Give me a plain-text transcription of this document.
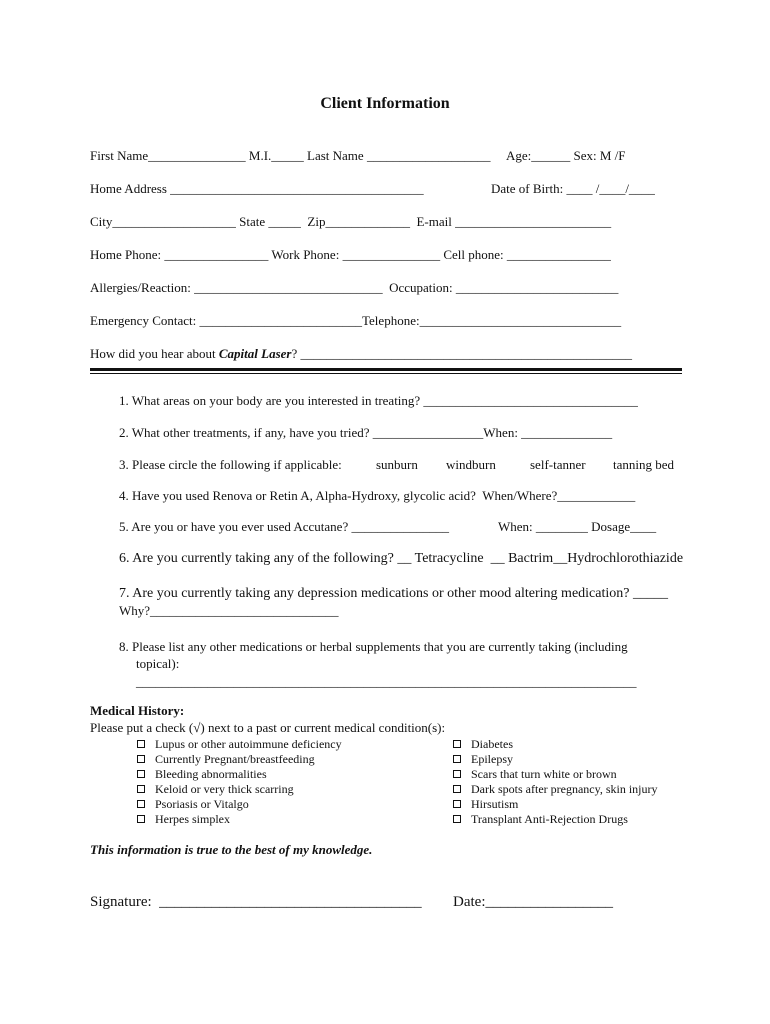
Client Information
First Name_______________ M.I._____ Last Name ___________________     Age:______ Sex: M /F
Home Address _______________________________________	Date of Birth: ____ /____/____
City___________________ State _____  Zip_____________  E-mail ________________________
Home Phone: ________________ Work Phone: _______________ Cell phone: ________________
Allergies/Reaction: _____________________________  Occupation: _________________________
Emergency Contact: _________________________Telephone:_______________________________
How did you hear about Capital Laser? ___________________________________________________
1. What areas on your body are you interested in treating? _________________________________
2. What other treatments, if any, have you tried? _________________When: ______________
3. Please circle the following if applicable:	sunburn windburn	self-tanner tanning bed
4. Have you used Renova or Retin A, Alpha-Hydroxy, glycolic acid?  When/Where?____________
5. Are you or have you ever used Accutane? _______________	When: ________ Dosage____
6. Are you currently taking any of the following? __ Tetracycline  __ Bactrim__Hydrochlorothiazide
7. Are you currently taking any depression medications or other mood altering medication? _____
Why?_____________________________
8. Please list any other medications or herbal supplements that you are currently taking (including
topical):
_____________________________________________________________________________
Medical History:
Please put a check (√) next to a past or current medical condition(s):
Lupus or other autoimmune deficiency
Currently Pregnant/breastfeeding
Bleeding abnormalities
Keloid or very thick scarring
Psoriasis or Vitalgo
Herpes simplex
Diabetes
Epilepsy
Scars that turn white or brown
Dark spots after pregnancy, skin injury
Hirsutism
Transplant Anti-Rejection Drugs
This information is true to the best of my knowledge.
Signature:  ___________________________________ Date:_________________
